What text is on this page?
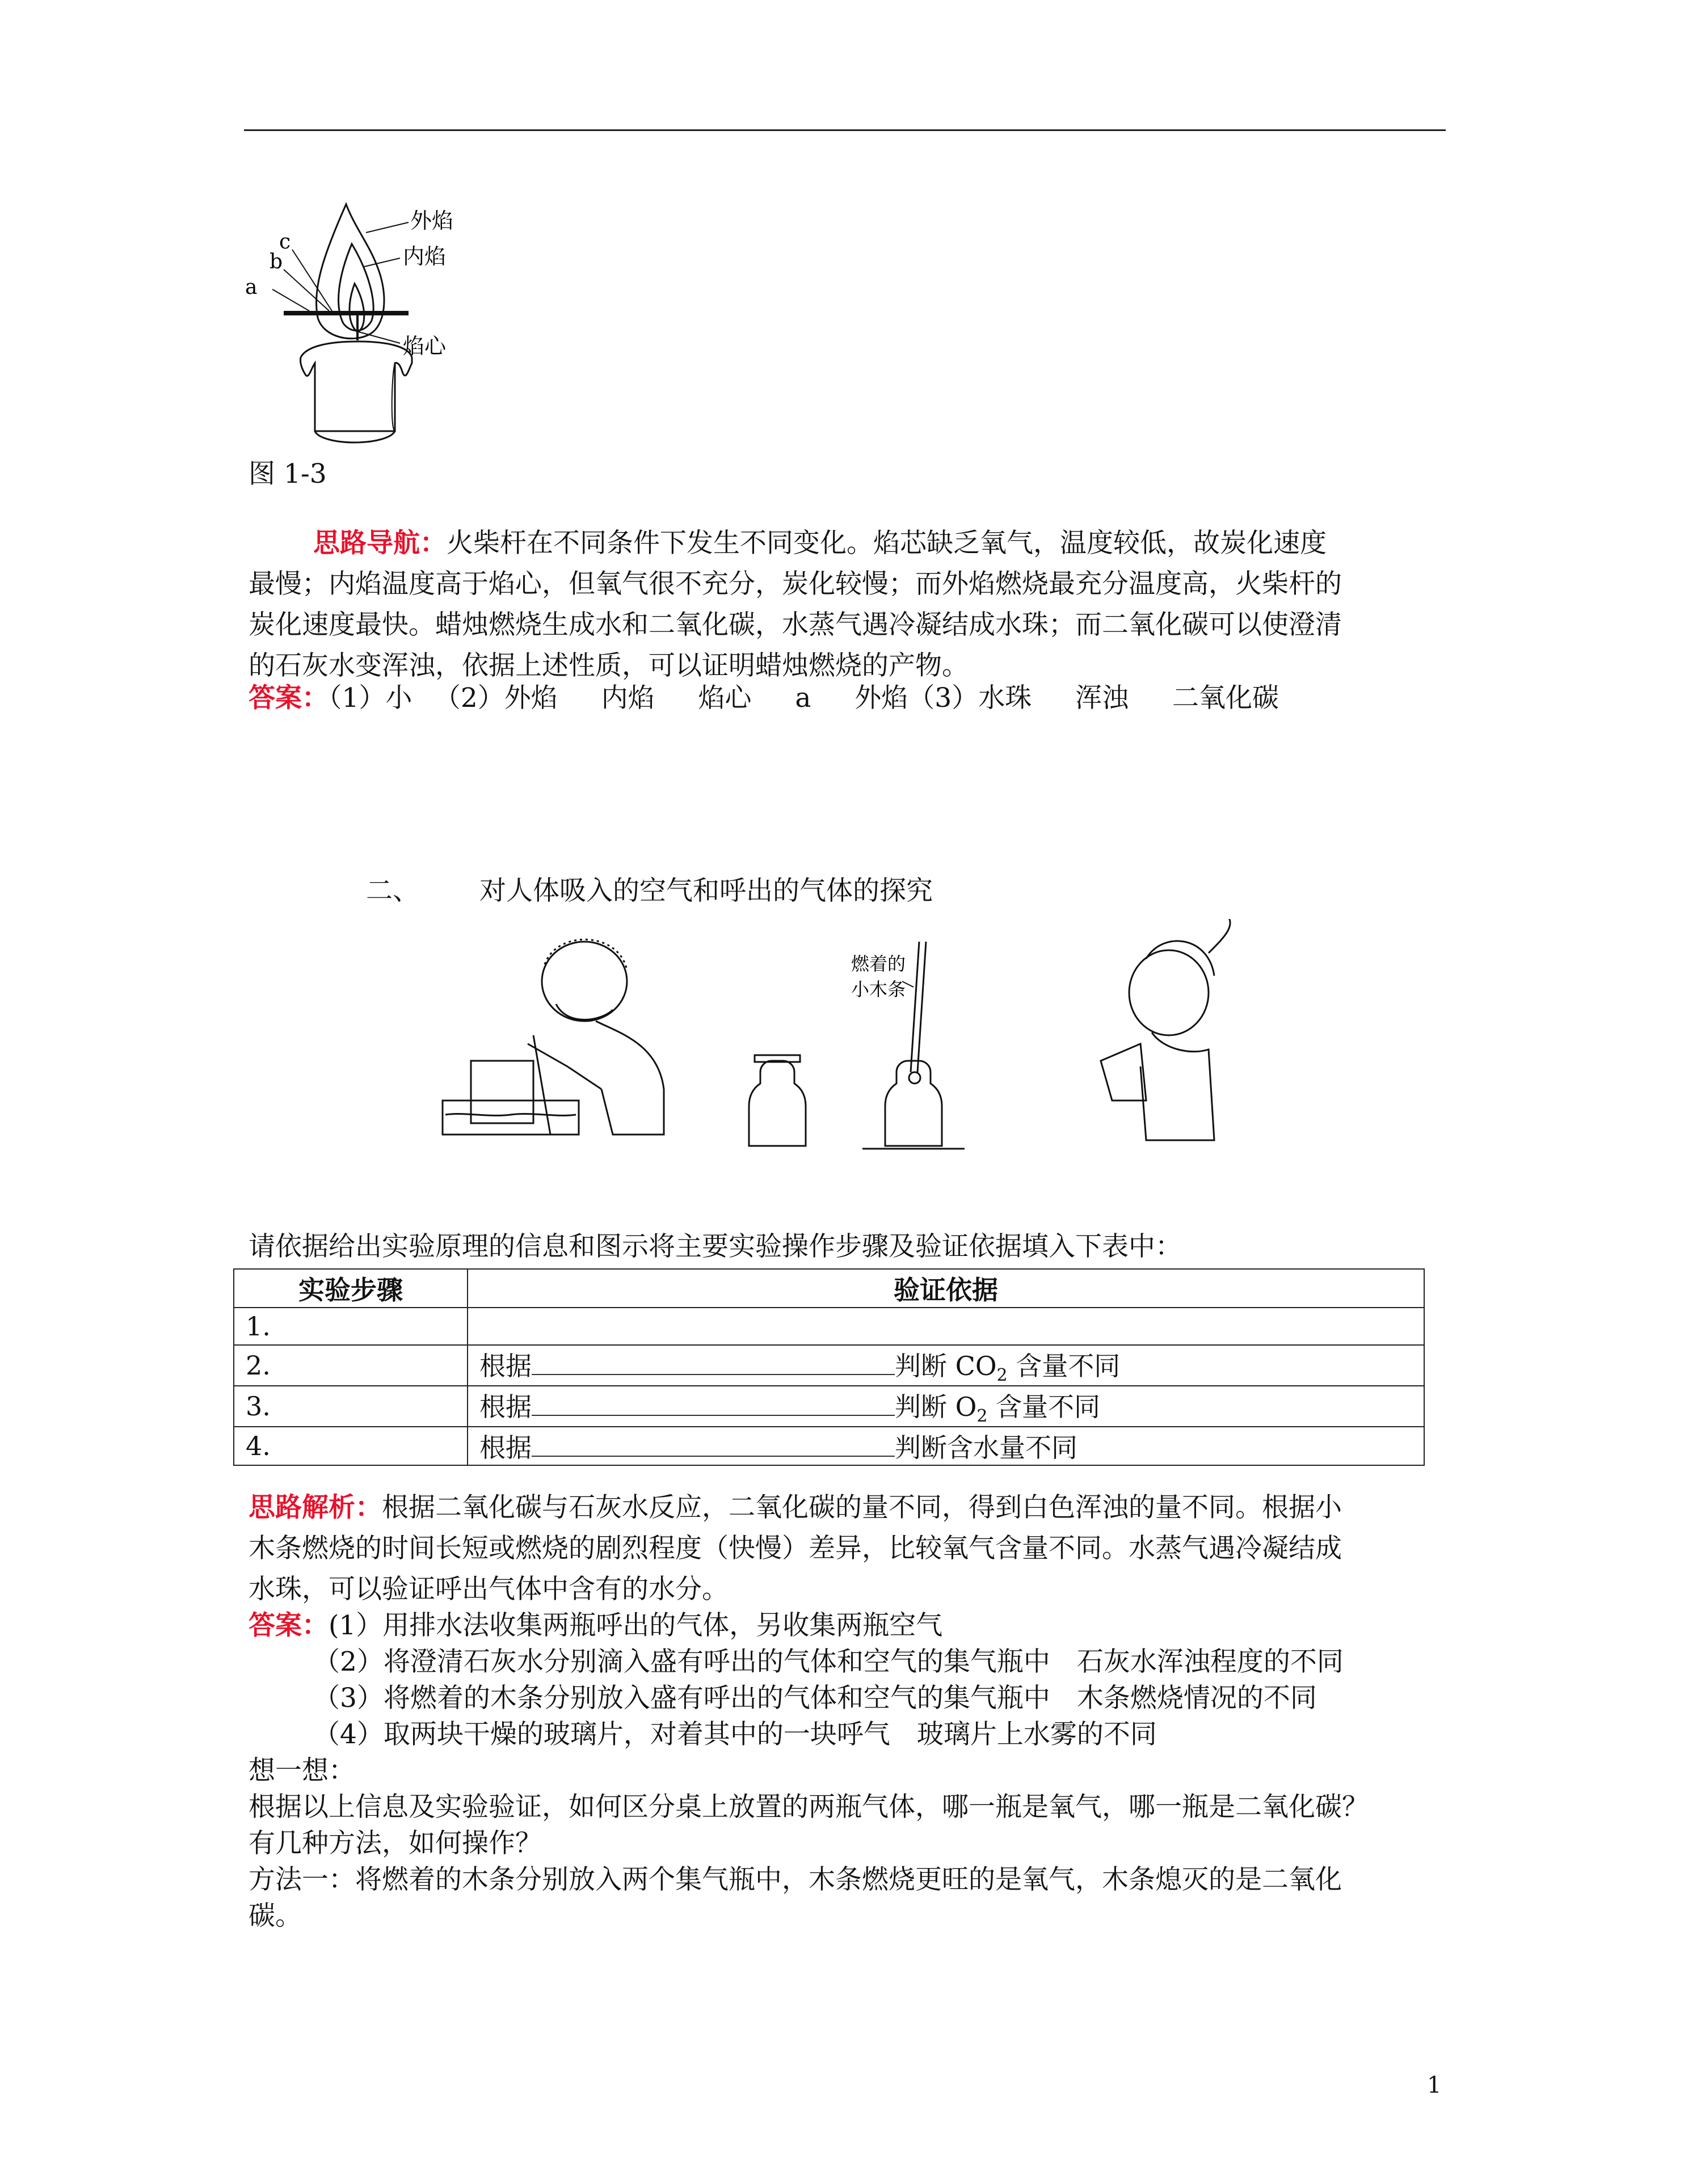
外焰
内焰
焰心
c
b
a
图 1-3
思路导航：火柴杆在不同条件下发生不同变化。焰芯缺乏氧气，温度较低，故炭化速度
最慢；内焰温度高于焰心，但氧气很不充分，炭化较慢；而外焰燃烧最充分温度高，火柴杆的
炭化速度最快。蜡烛燃烧生成水和二氧化碳，水蒸气遇冷凝结成水珠；而二氧化碳可以使澄清
的石灰水变浑浊，依据上述性质，可以证明蜡烛燃烧的产物。
答案：（1）小 　（2）外焰 　 内焰 　 焰心 　 a 　 外焰（3）水珠 　 浑浊 　 二氧化碳
二、 对人体吸入的空气和呼出的气体的探究
燃着的
小木条
请依据给出实验原理的信息和图示将主要实验操作步骤及验证依据填入下表中：
实验步骤	验证依据
1.	
2.	根据 判断 $CO_2$ 含量不同
3.	根据 判断 $O_2$ 含量不同
4.	根据 判断含水量不同
思路解析：根据二氧化碳与石灰水反应，二氧化碳的量不同，得到白色浑浊的量不同。根据小
木条燃烧的时间长短或燃烧的剧烈程度（快慢）差异，比较氧气含量不同。水蒸气遇冷凝结成
水珠，可以验证呼出气体中含有的水分。
答案：(1）用排水法收集两瓶呼出的气体，另收集两瓶空气
（2）将澄清石灰水分别滴入盛有呼出的气体和空气的集气瓶中　石灰水浑浊程度的不同
（3）将燃着的木条分别放入盛有呼出的气体和空气的集气瓶中　木条燃烧情况的不同
（4）取两块干燥的玻璃片，对着其中的一块呼气　玻璃片上水雾的不同
想一想：
根据以上信息及实验验证，如何区分桌上放置的两瓶气体，哪一瓶是氧气，哪一瓶是二氧化碳？
有几种方法，如何操作？
方法一：将燃着的木条分别放入两个集气瓶中，木条燃烧更旺的是氧气，木条熄灭的是二氧化
碳。
1
